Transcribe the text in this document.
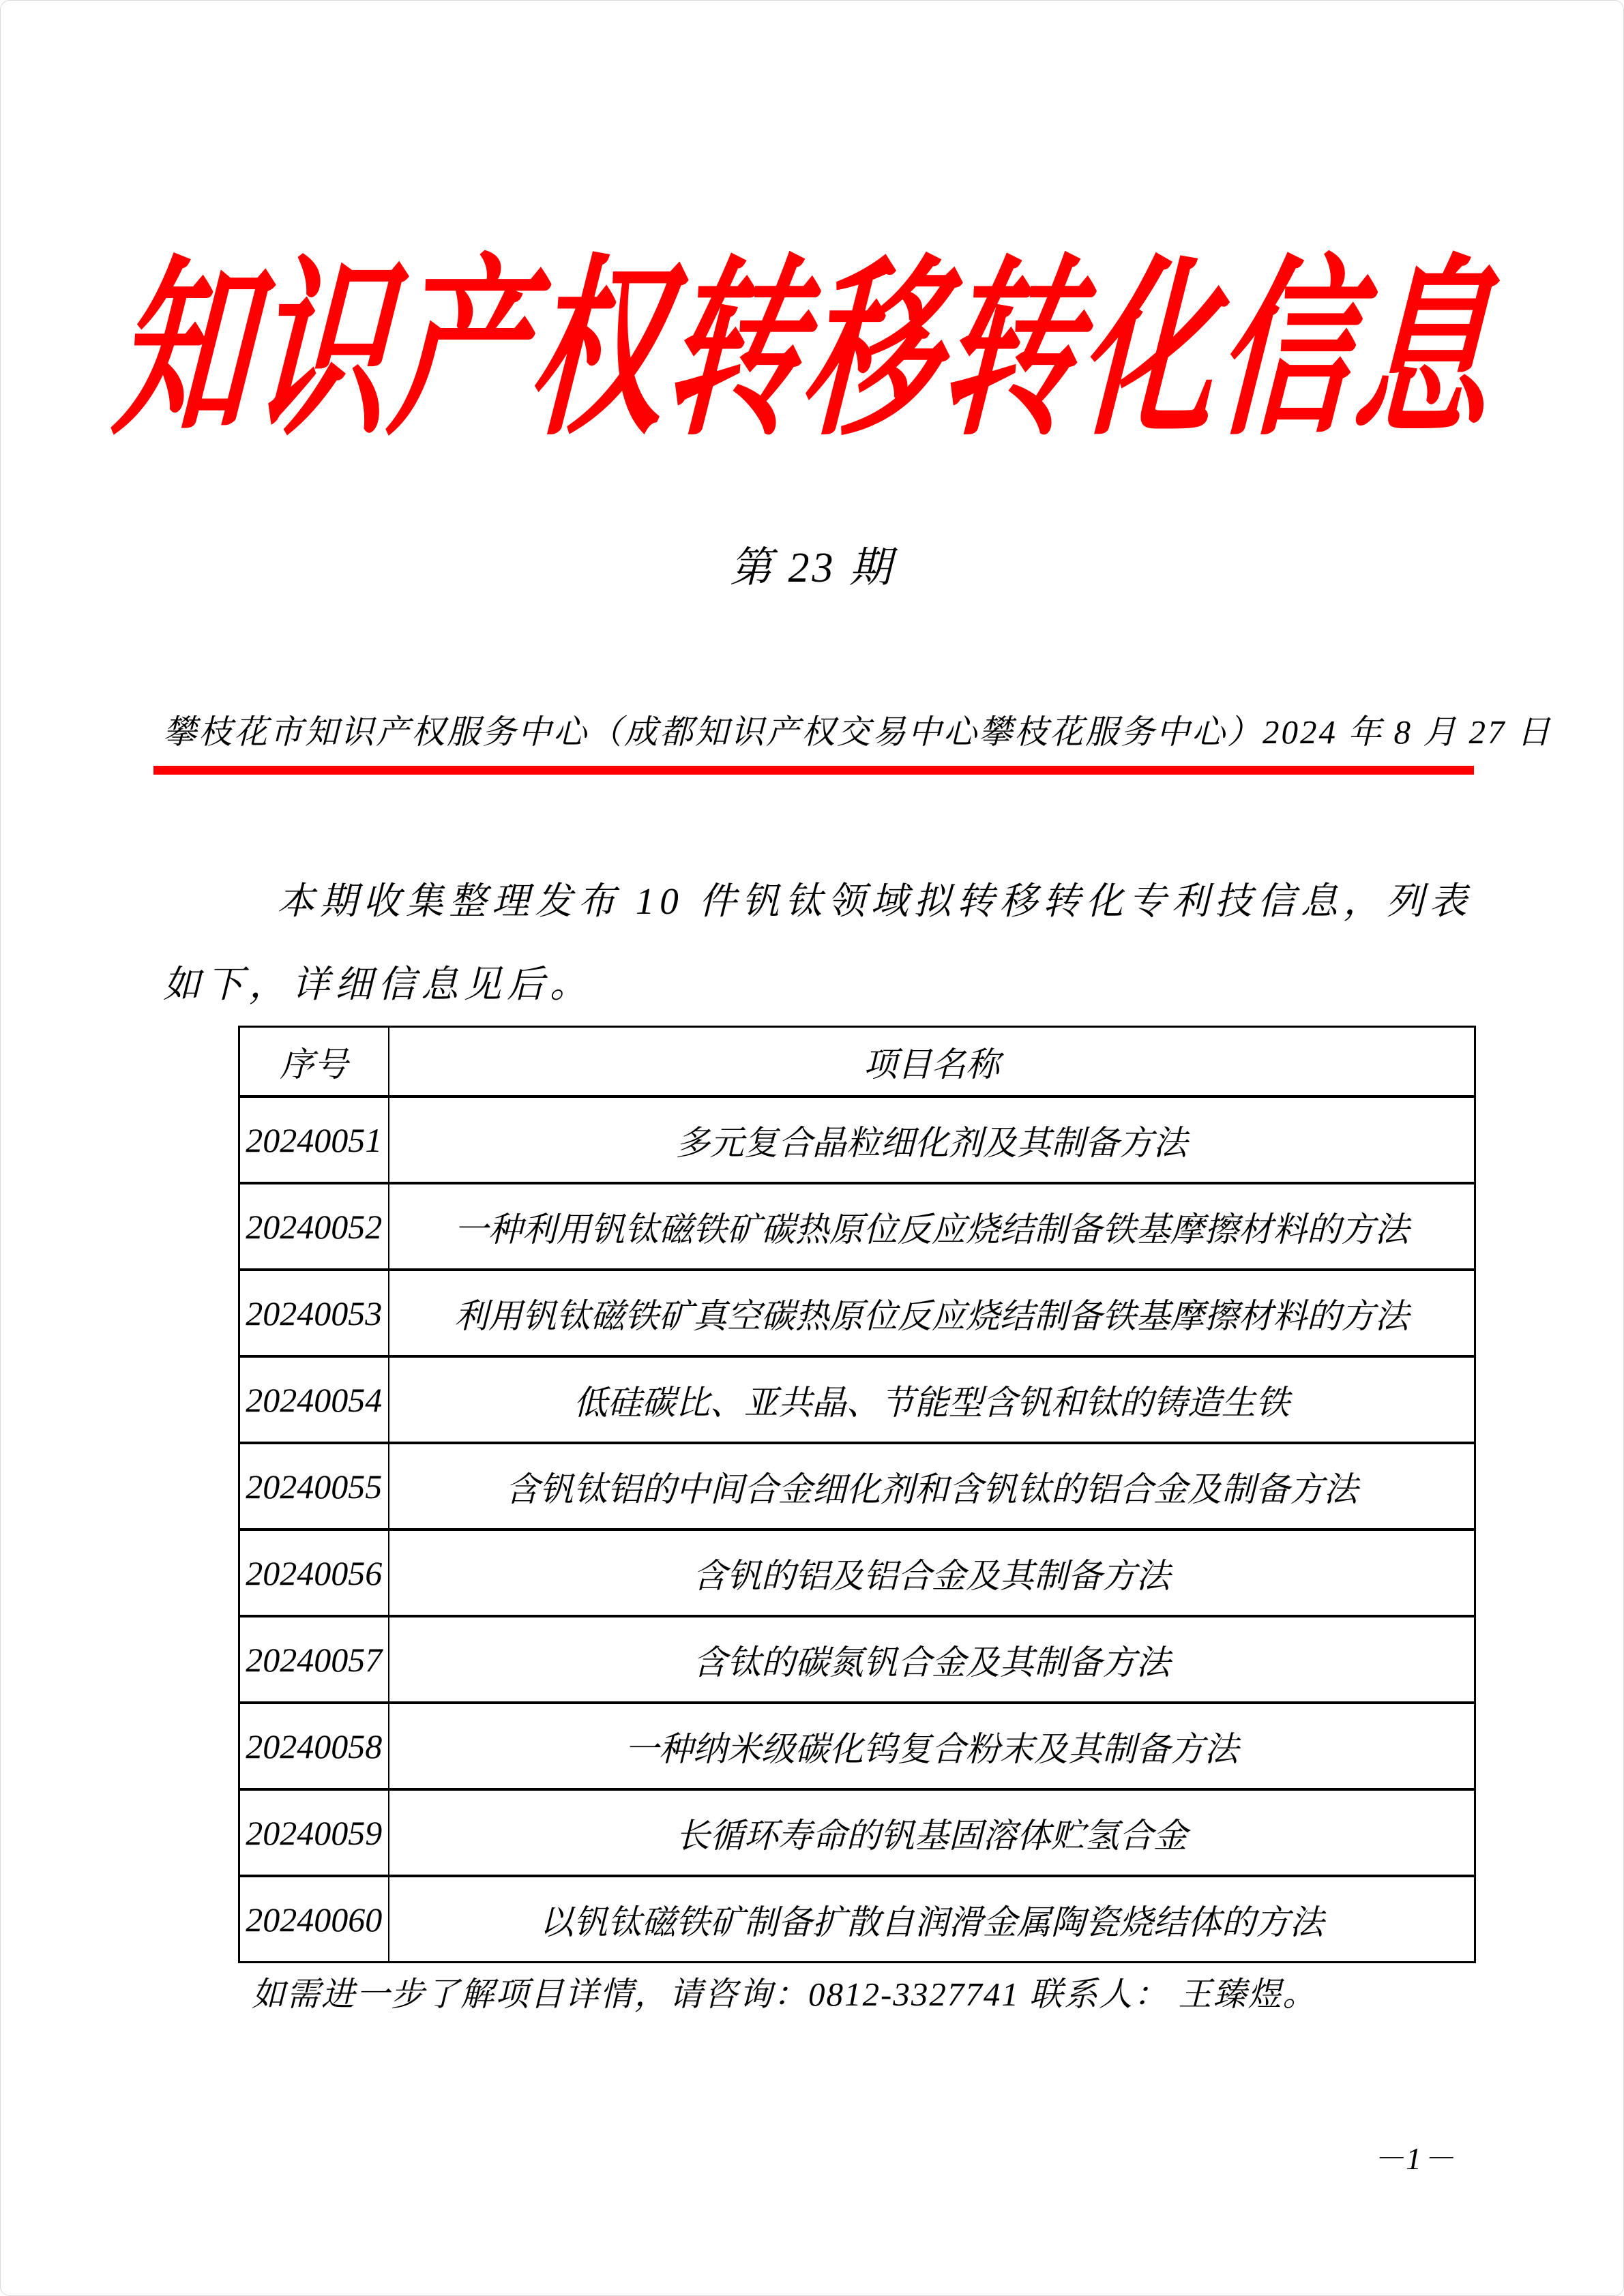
知识产权转移转化信息
第 23 期
攀枝花市知识产权服务中心（成都知识产权交易中心攀枝花服务中心）2024 年 8 月 27 日
本期收集整理发布 10 件钒钛领域拟转移转化专利技信息，列表
如下，详细信息见后。
序号	项目名称
20240051	多元复合晶粒细化剂及其制备方法
20240052	一种利用钒钛磁铁矿碳热原位反应烧结制备铁基摩擦材料的方法
20240053	利用钒钛磁铁矿真空碳热原位反应烧结制备铁基摩擦材料的方法
20240054	低硅碳比、亚共晶、节能型含钒和钛的铸造生铁
20240055	含钒钛铝的中间合金细化剂和含钒钛的铝合金及制备方法
20240056	含钒的铝及铝合金及其制备方法
20240057	含钛的碳氮钒合金及其制备方法
20240058	一种纳米级碳化钨复合粉末及其制备方法
20240059	长循环寿命的钒基固溶体贮氢合金
20240060	以钒钛磁铁矿制备扩散自润滑金属陶瓷烧结体的方法
如需进一步了解项目详情，请咨询：0812-3327741 联系人： 王臻煜。
－1－
